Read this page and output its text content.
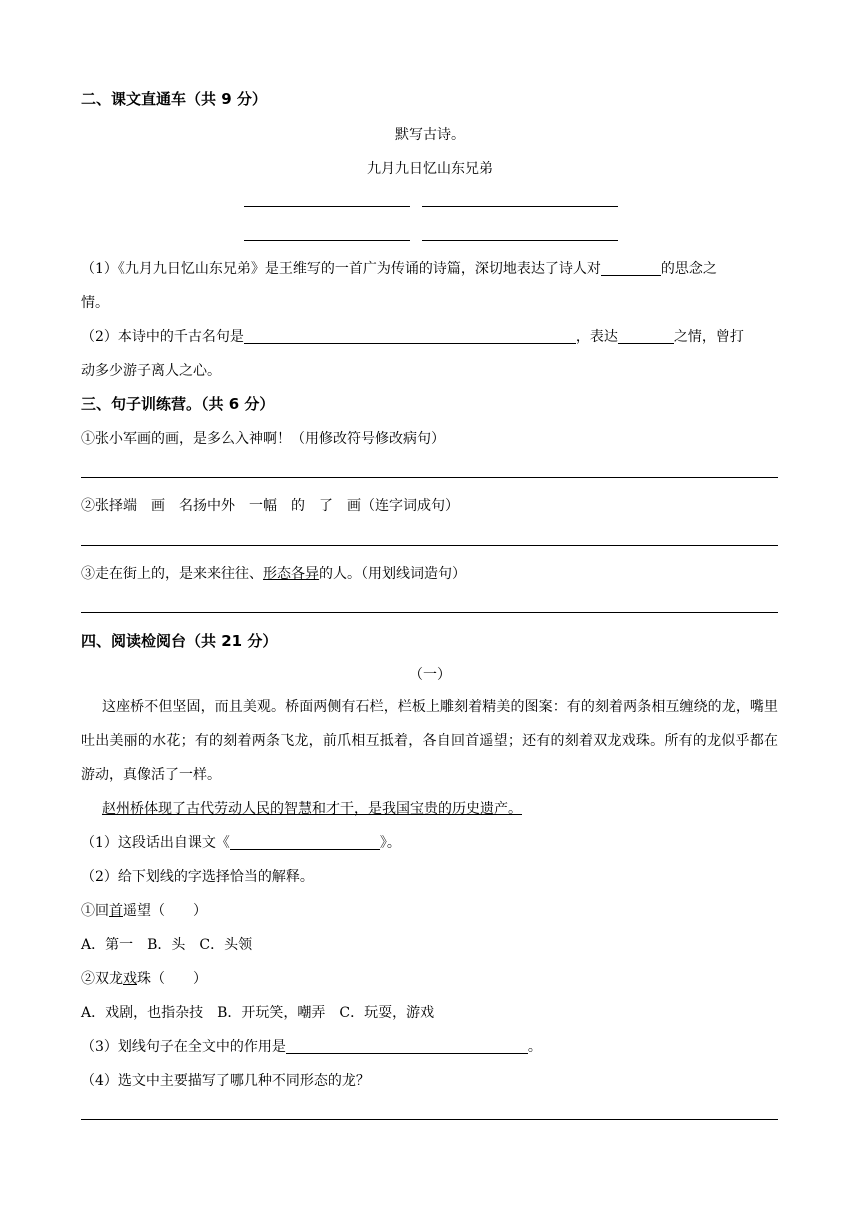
二、课文直通车（共 9 分）
默写古诗。
九月九日忆山东兄弟
（1）《九月九日忆山东兄弟》是王维写的一首广为传诵的诗篇，深切地表达了诗人对	的思念之
情。
（2）本诗中的千古名句是	，表达	之情，曾打
动多少游子离人之心。
三、句子训练营。（共 6 分）
①张小军画的画，是多么入神啊！（用修改符号修改病句）
②张择端　画　名扬中外　一幅　的　了　画（连字词成句）
③走在街上的，是来来往往、形态各异的人。（用划线词造句）
四、阅读检阅台（共 21 分）
（一）
这座桥不但坚固，而且美观。桥面两侧有石栏，栏板上雕刻着精美的图案：有的刻着两条相互缠绕的龙，嘴里吐出美丽的水花；有的刻着两条飞龙，前爪相互抵着，各自回首遥望；还有的刻着双龙戏珠。所有的龙似乎都在游动，真像活了一样。
赵州桥体现了古代劳动人民的智慧和才干，是我国宝贵的历史遗产。
（1）这段话出自课文《	》。
（2）给下划线的字选择恰当的解释。
①回首遥望（　　）
A．第一　B．头　C．头领
②双龙戏珠（　　）
A．戏剧，也指杂技　B．开玩笑，嘲弄　C．玩耍，游戏
（3）划线句子在全文中的作用是	。
（4）选文中主要描写了哪几种不同形态的龙？
